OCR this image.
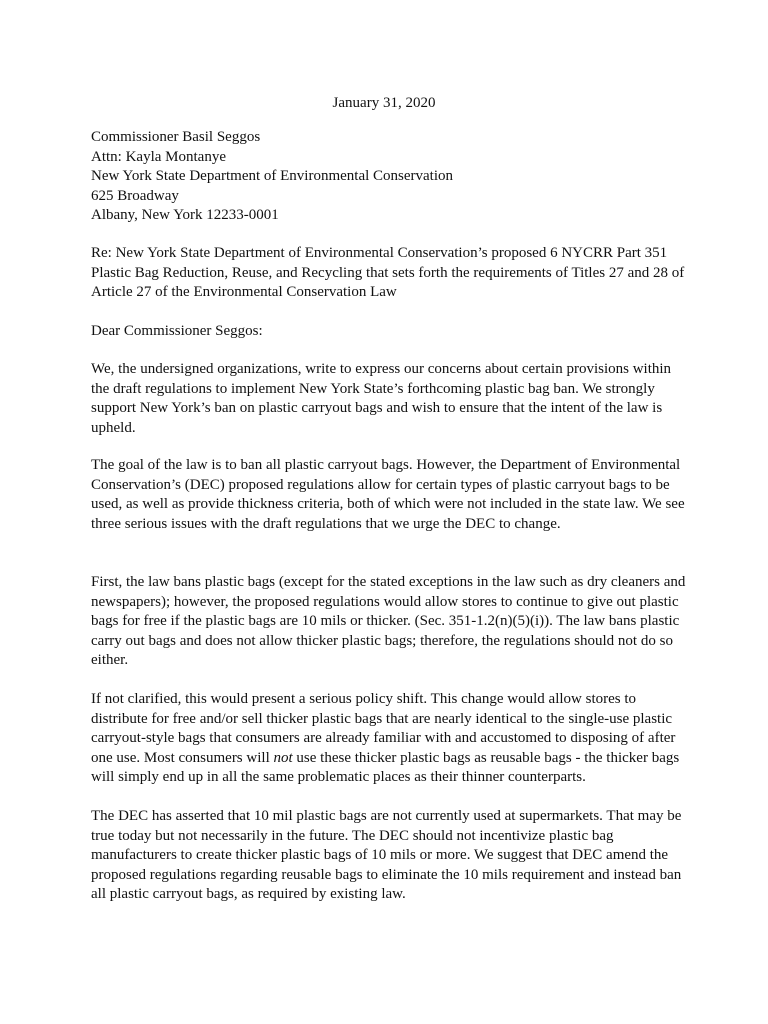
January 31, 2020
Commissioner Basil Seggos
Attn: Kayla Montanye
New York State Department of Environmental Conservation
625 Broadway
Albany, New York 12233-0001

Re: New York State Department of Environmental Conservation’s proposed 6 NYCRR Part 351 Plastic Bag Reduction, Reuse, and Recycling that sets forth the requirements of Titles 27 and 28 of Article 27 of the Environmental Conservation Law

Dear Commissioner Seggos:

We, the undersigned organizations, write to express our concerns about certain provisions within the draft regulations to implement New York State’s forthcoming plastic bag ban. We strongly support New York’s ban on plastic carryout bags and wish to ensure that the intent of the law is upheld.

The goal of the law is to ban all plastic carryout bags. However, the Department of Environmental Conservation’s (DEC) proposed regulations allow for certain types of plastic carryout bags to be used, as well as provide thickness criteria, both of which were not included in the state law. We see three serious issues with the draft regulations that we urge the DEC to change.

First, the law bans plastic bags (except for the stated exceptions in the law such as dry cleaners and newspapers); however, the proposed regulations would allow stores to continue to give out plastic bags for free if the plastic bags are 10 mils or thicker. (Sec. 351-1.2(n)(5)(i)). The law bans plastic carry out bags and does not allow thicker plastic bags; therefore, the regulations should not do so either.

If not clarified, this would present a serious policy shift. This change would allow stores to distribute for free and/or sell thicker plastic bags that are nearly identical to the single-use plastic carryout-style bags that consumers are already familiar with and accustomed to disposing of after one use. Most consumers will not use these thicker plastic bags as reusable bags - the thicker bags will simply end up in all the same problematic places as their thinner counterparts.

The DEC has asserted that 10 mil plastic bags are not currently used at supermarkets. That may be true today but not necessarily in the future. The DEC should not incentivize plastic bag manufacturers to create thicker plastic bags of 10 mils or more. We suggest that DEC amend the proposed regulations regarding reusable bags to eliminate the 10 mils requirement and instead ban all plastic carryout bags, as required by existing law.
